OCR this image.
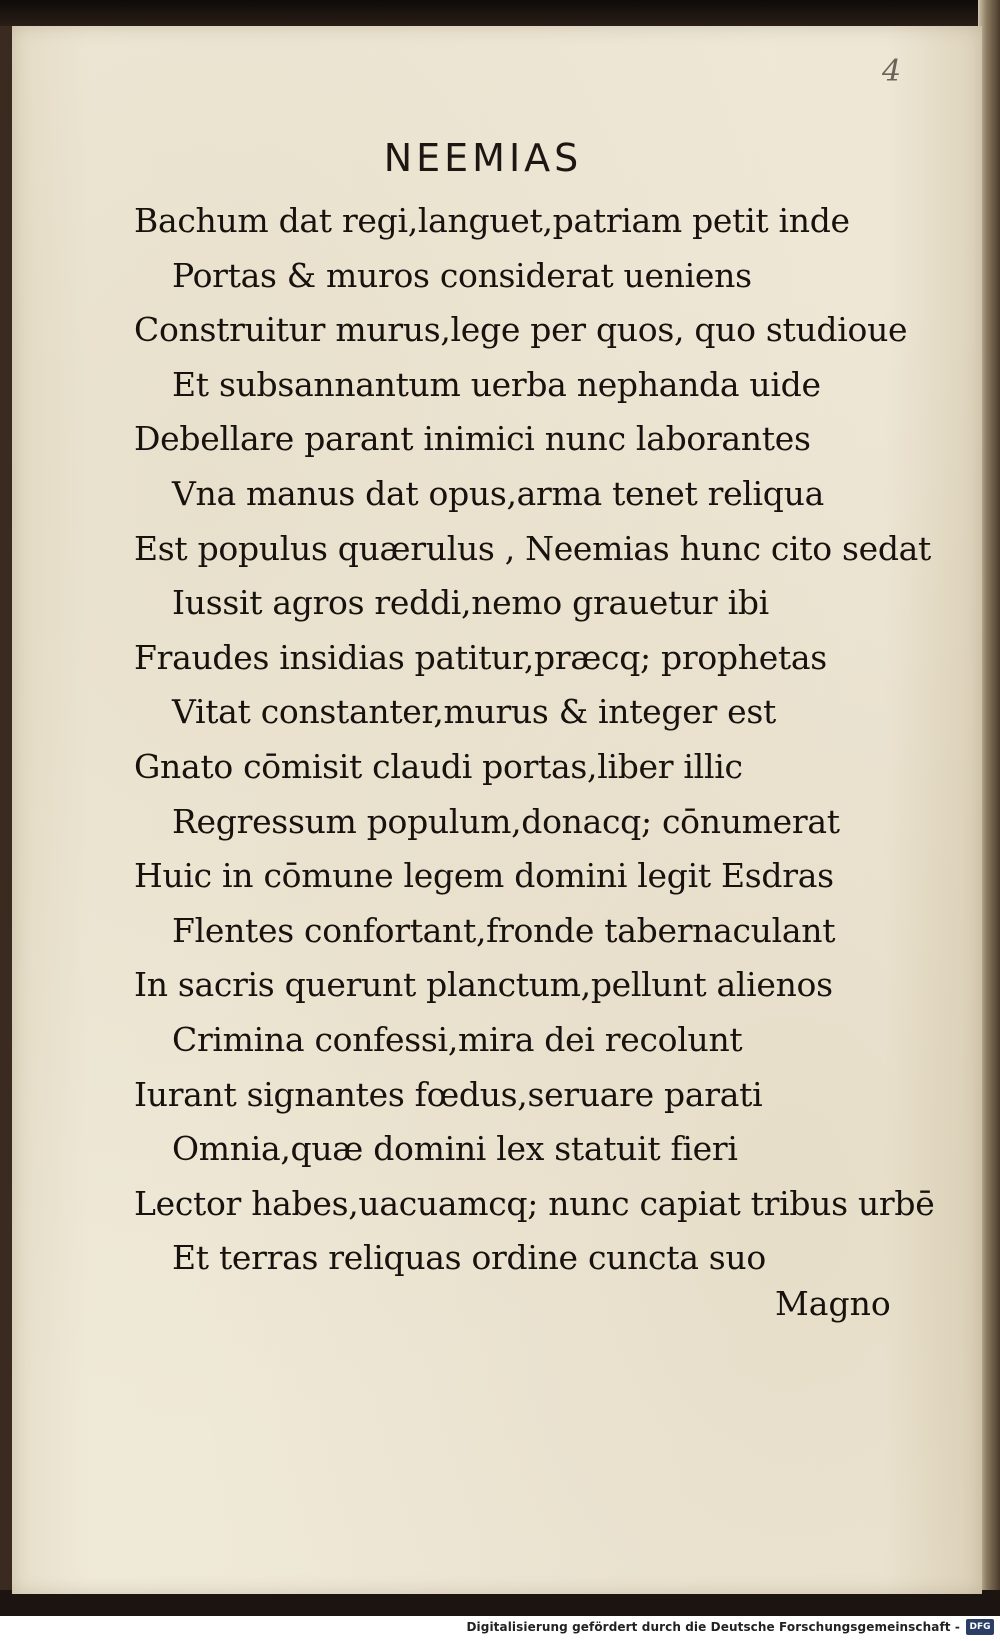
4
NEEMIAS
Bachum dat regi,languet,patriam petit inde
Portas & muros considerat ueniens
Construitur murus,lege per quos, quo studioue
Et subsannantum uerba nephanda uide
Debellare parant inimici nunc laborantes
Vna manus dat opus,arma tenet reliqua
Est populus quærulus , Neemias hunc cito sedat
Iussit agros reddi,nemo grauetur ibi
Fraudes insidias patitur,præcq; prophetas
Vitat constanter,murus & integer est
Gnato cōmisit claudi portas,liber illic
Regressum populum,donacq; cōnumerat
Huic in cōmune legem domini legit Esdras
Flentes confortant,fronde tabernaculant
In sacris querunt planctum,pellunt alienos
Crimina confessi,mira dei recolunt
Iurant signantes fœdus,seruare parati
Omnia,quæ domini lex statuit fieri
Lector habes,uacuamcq; nunc capiat tribus urbē
Et terras reliquas ordine cuncta suo
Magno
Digitalisierung gefördert durch die Deutsche Forschungsgemeinschaft -	DFG
